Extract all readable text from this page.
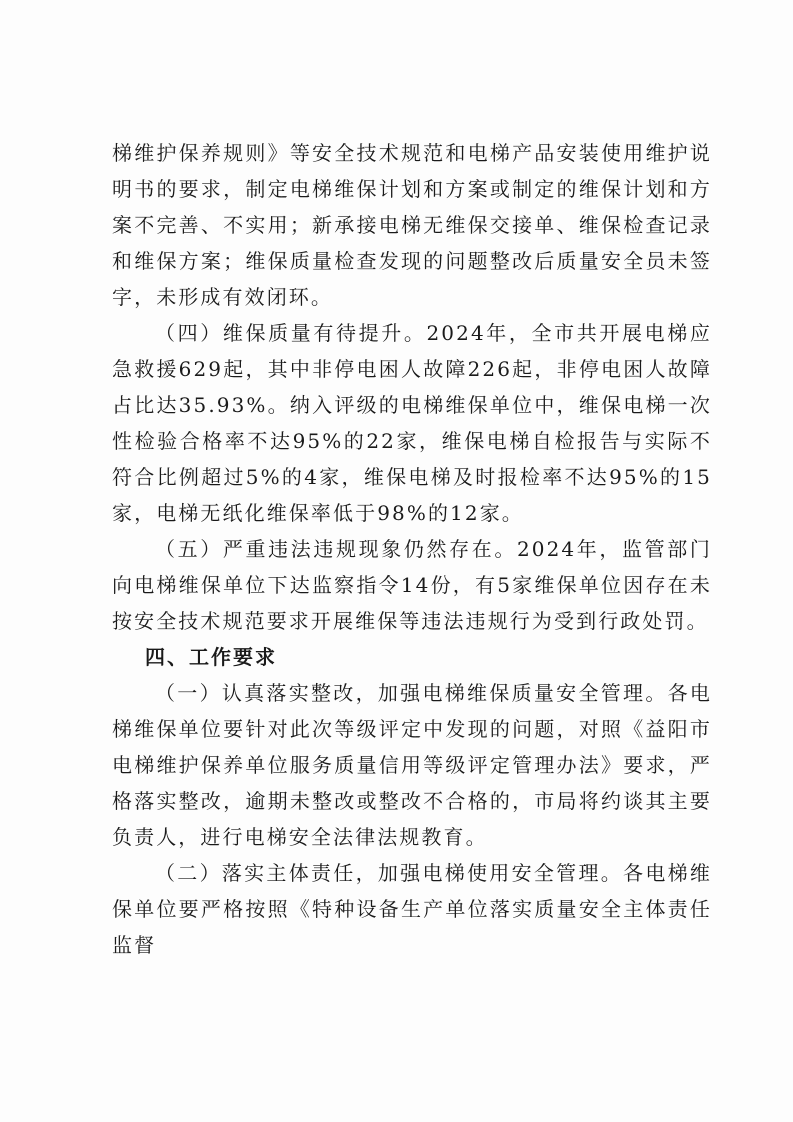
梯维护保养规则》等安全技术规范和电梯产品安装使用维护说明书的要求，制定电梯维保计划和方案或制定的维保计划和方案不完善、不实用；新承接电梯无维保交接单、维保检查记录和维保方案；维保质量检查发现的问题整改后质量安全员未签字，未形成有效闭环。

（四）维保质量有待提升。2024年，全市共开展电梯应急救援629起，其中非停电困人故障226起，非停电困人故障占比达35.93%。纳入评级的电梯维保单位中，维保电梯一次性检验合格率不达95%的22家，维保电梯自检报告与实际不符合比例超过5%的4家，维保电梯及时报检率不达95%的15家，电梯无纸化维保率低于98%的12家。

（五）严重违法违规现象仍然存在。2024年，监管部门向电梯维保单位下达监察指令14份，有5家维保单位因存在未按安全技术规范要求开展维保等违法违规行为受到行政处罚。

四、工作要求

（一）认真落实整改，加强电梯维保质量安全管理。各电梯维保单位要针对此次等级评定中发现的问题，对照《益阳市电梯维护保养单位服务质量信用等级评定管理办法》要求，严格落实整改，逾期未整改或整改不合格的，市局将约谈其主要负责人，进行电梯安全法律法规教育。

（二）落实主体责任，加强电梯使用安全管理。各电梯维保单位要严格按照《特种设备生产单位落实质量安全主体责任监督
